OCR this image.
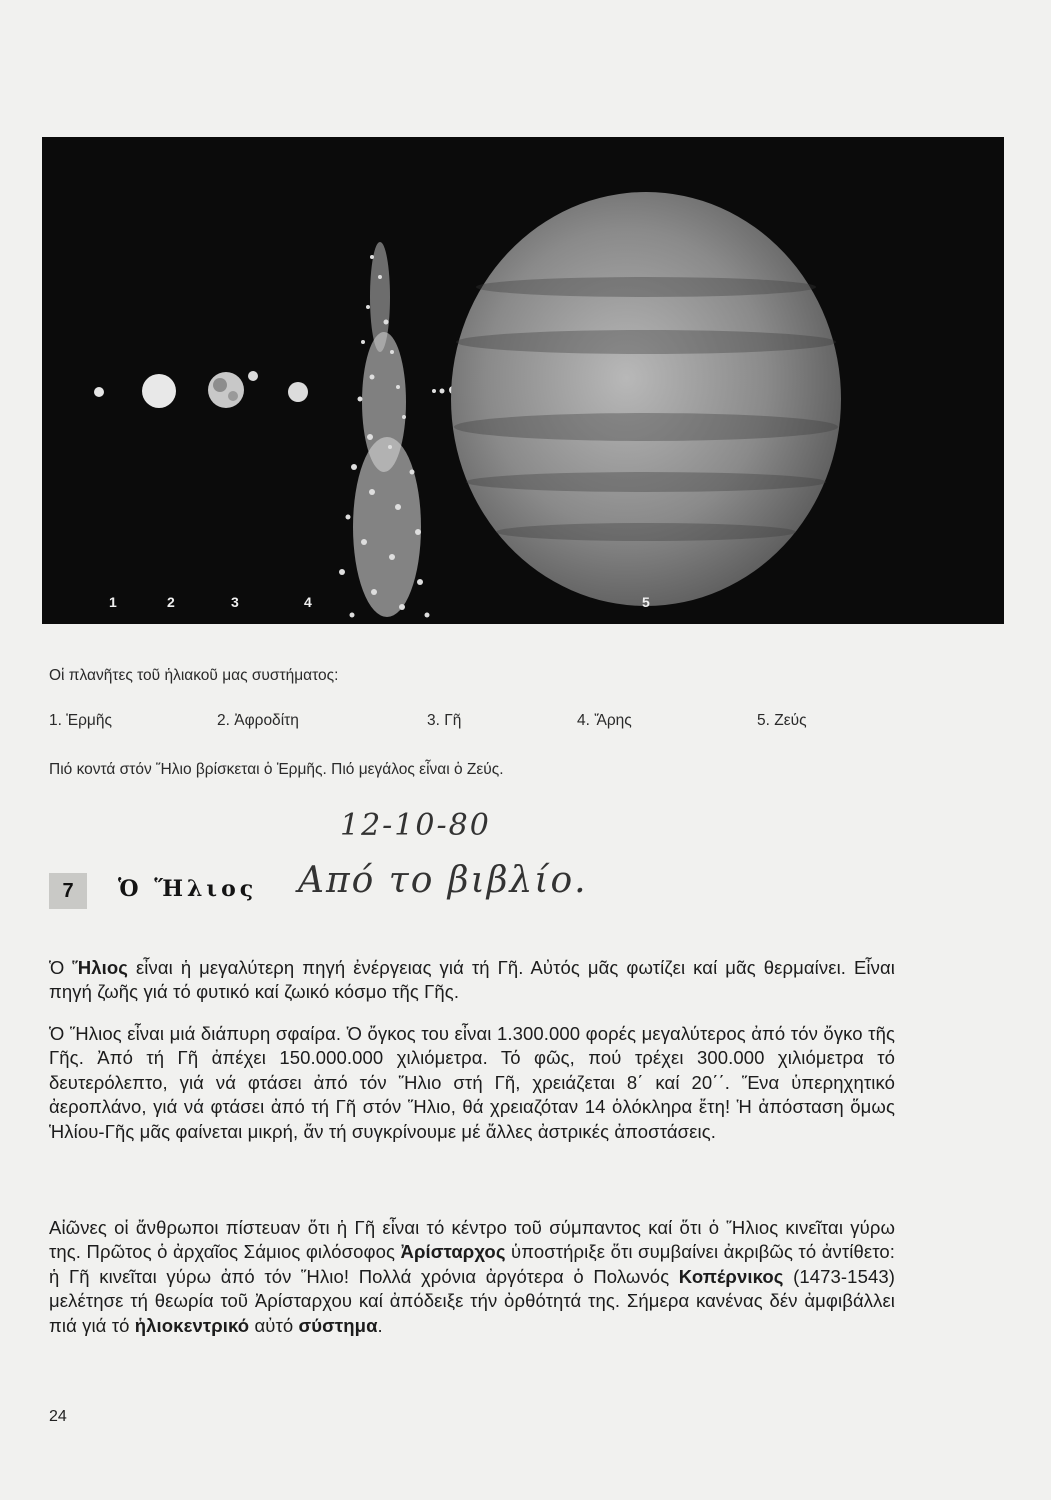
1	2	3	4	5
Οἱ πλανῆτες τοῦ ἡλιακοῦ μας συστήματος:
1. Ἑρμῆς	2. Ἀφροδίτη	3. Γῆ	4. Ἄρης	5. Ζεύς
Πιό κοντά στόν Ἥλιο βρίσκεται ὁ Ἑρμῆς. Πιό μεγάλος εἶναι ὁ Ζεύς.
12-10-80
Από το βιβλίο.
7	Ὁ Ἥλιος
Ὁ Ἥλιος εἶναι ἡ μεγαλύτερη πηγή ἐνέργειας γιά τή Γῆ. Αὐτός μᾶς φωτίζει καί μᾶς θερμαίνει. Εἶναι πηγή ζωῆς γιά τό φυτικό καί ζωικό κόσμο τῆς Γῆς.
Ὁ Ἥλιος εἶναι μιά διάπυρη σφαίρα. Ὁ ὄγκος του εἶναι 1.300.000 φορές μεγαλύτερος ἀπό τόν ὄγκο τῆς Γῆς. Ἀπό τή Γῆ ἀπέχει 150.000.000 χιλιόμετρα. Τό φῶς, πού τρέχει 300.000 χιλιόμετρα τό δευτερόλεπτο, γιά νά φτάσει ἀπό τόν Ἥλιο στή Γῆ, χρειάζεται 8΄ καί 20΄΄. Ἕνα ὑπερηχητικό ἀεροπλάνο, γιά νά φτάσει ἀπό τή Γῆ στόν Ἥλιο, θά χρειαζόταν 14 ὁλόκληρα ἔτη! Ἡ ἀπόσταση ὅμως Ἡλίου-Γῆς μᾶς φαίνεται μικρή, ἄν τή συγκρίνουμε μέ ἄλλες ἀστρικές ἀποστάσεις.
Αἰῶνες οἱ ἄνθρωποι πίστευαν ὅτι ἡ Γῆ εἶναι τό κέντρο τοῦ σύμπαντος καί ὅτι ὁ Ἥλιος κινεῖται γύρω της. Πρῶτος ὁ ἀρχαῖος Σάμιος φιλόσοφος Ἀρίσταρχος ὑποστήριξε ὅτι συμβαίνει ἀκριβῶς τό ἀντίθετο: ἡ Γῆ κινεῖται γύρω ἀπό τόν Ἥλιο! Πολλά χρόνια ἀργότερα ὁ Πολωνός Κοπέρνικος (1473-1543) μελέτησε τή θεωρία τοῦ Ἀρίσταρχου καί ἀπόδειξε τήν ὀρθότητά της. Σήμερα κανένας δέν ἀμφιβάλλει πιά γιά τό ἡλιοκεντρικό αὐτό σύστημα.
24
